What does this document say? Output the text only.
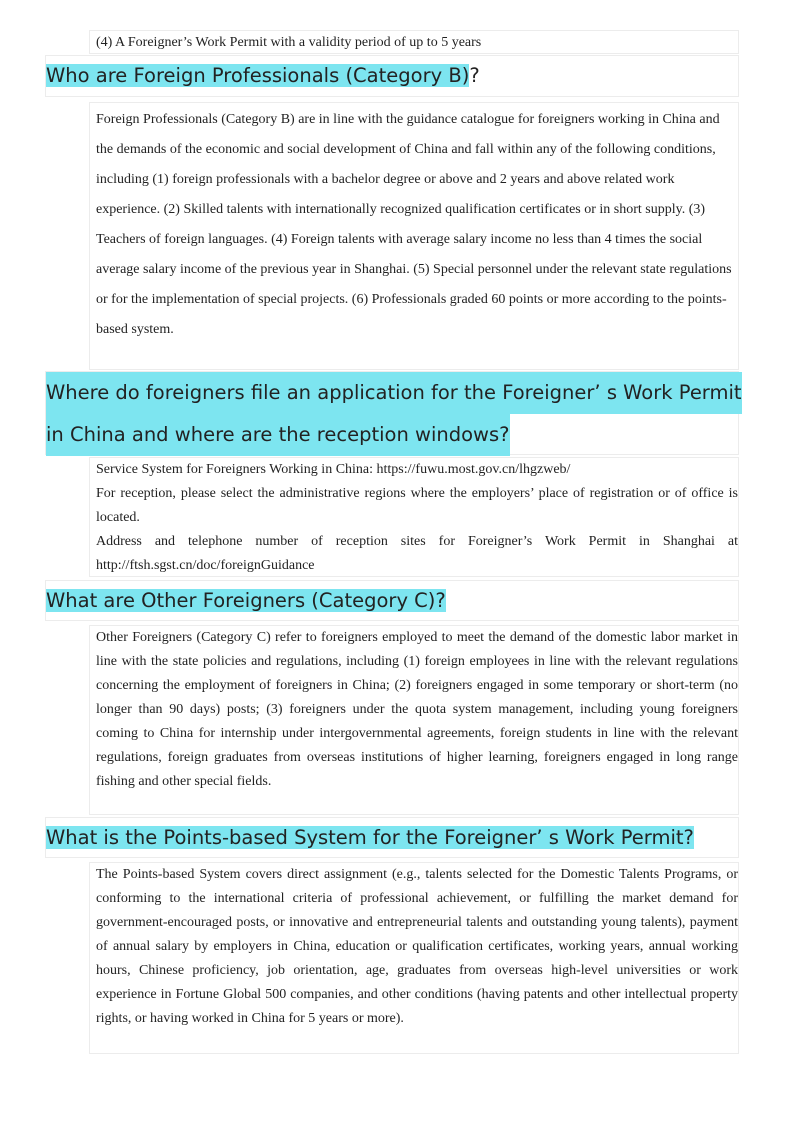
(4) A Foreigner’s Work Permit with a validity period of up to 5 years

Who are Foreign Professionals (Category B)?

Foreign Professionals (Category B) are in line with the guidance catalogue for foreigners working in China and the demands of the economic and social development of China and fall within any of the following conditions, including (1) foreign professionals with a bachelor degree or above and 2 years and above related work experience. (2) Skilled talents with internationally recognized qualification certificates or in short supply. (3) Teachers of foreign languages. (4) Foreign talents with average salary income no less than 4 times the social average salary income of the previous year in Shanghai. (5) Special personnel under the relevant state regulations or for the implementation of special projects. (6) Professionals graded 60 points or more according to the points-based system.

Where do foreigners file an application for the Foreigner’ s Work Permit
in China and where are the reception windows?

Service System for Foreigners Working in China: https://fuwu.most.gov.cn/lhgzweb/

For reception, please select the administrative regions where the employers’ place of registration or of office is located.

Address and telephone number of reception sites for Foreigner’s Work Permit in Shanghai at http://ftsh.sgst.cn/doc/foreignGuidance

What are Other Foreigners (Category C)?

Other Foreigners (Category C) refer to foreigners employed to meet the demand of the domestic labor market in line with the state policies and regulations, including (1) foreign employees in line with the relevant regulations concerning the employment of foreigners in China; (2) foreigners engaged in some temporary or short-term (no longer than 90 days) posts; (3) foreigners under the quota system management, including young foreigners coming to China for internship under intergovernmental agreements, foreign students in line with the relevant regulations, foreign graduates from overseas institutions of higher learning, foreigners engaged in long range fishing and other special fields.

What is the Points-based System for the Foreigner’ s Work Permit?

The Points-based System covers direct assignment (e.g., talents selected for the Domestic Talents Programs, or conforming to the international criteria of professional achievement, or fulfilling the market demand for government-encouraged posts, or innovative and entrepreneurial talents and outstanding young talents), payment of annual salary by employers in China, education or qualification certificates, working years, annual working hours, Chinese proficiency, job orientation, age, graduates from overseas high-level universities or work experience in Fortune Global 500 companies, and other conditions (having patents and other intellectual property rights, or having worked in China for 5 years or more).
